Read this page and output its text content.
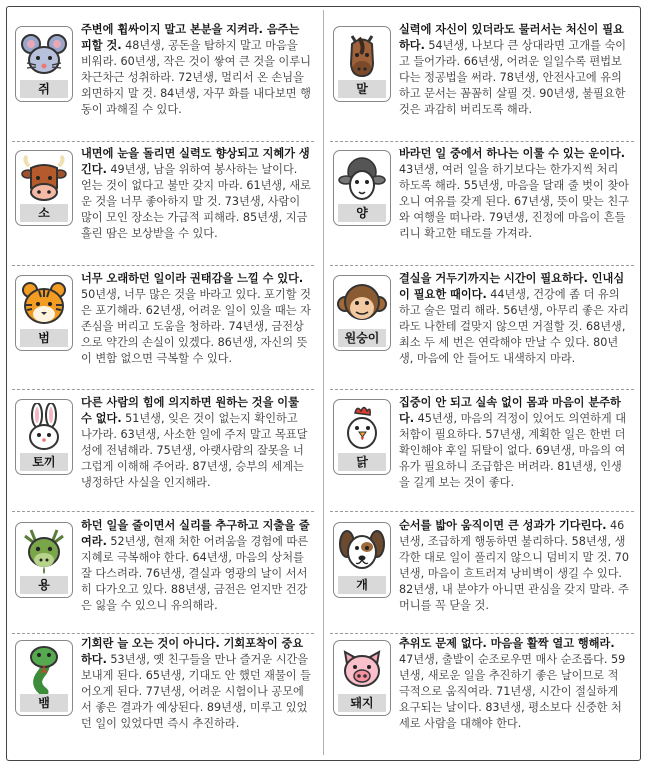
주변에 휩싸이지 말고 본분을 지켜라. 음주는 피할 것. 48년생, 공돈을 탐하지 말고 마음을 비워라. 60년생, 작은 것이 쌓여 큰 것을 이루니 차근차근 성취하라. 72년생, 멀리서 온 손님을 외면하지 말 것. 84년생, 자꾸 화를 내다보면 행동이 과해질 수 있다.
쥐
실력에 자신이 있더라도 물러서는 처신이 필요하다. 54년생, 나보다 큰 상대라면 고개를 숙이고 들어가라. 66년생, 어려운 일일수록 편법보다는 정공법을 써라. 78년생, 안전사고에 유의하고 문서는 꼼꼼히 살필 것. 90년생, 불필요한 것은 과감히 버리도록 해라.
말
내면에 눈을 돌리면 실력도 향상되고 지혜가 생긴다. 49년생, 남을 위하여 봉사하는 날이다. 얻는 것이 없다고 불만 갖지 마라. 61년생, 새로운 것을 너무 좋아하지 말 것. 73년생, 사람이 많이 모인 장소는 가급적 피해라. 85년생, 지금 흘린 땀은 보상받을 수 있다.
소
바라던 일 중에서 하나는 이룰 수 있는 운이다. 43년생, 여러 일을 하기보다는 한가지씩 처리하도록 해라. 55년생, 마음을 달래 줄 벗이 찾아오니 여유를 갖게 된다. 67년생, 뜻이 맞는 친구와 여행을 떠나라. 79년생, 진정에 마음이 흔들리니 확고한 태도를 가져라.
양
너무 오래하던 일이라 권태감을 느낄 수 있다. 50년생, 너무 많은 것을 바라고 있다. 포기할 것은 포기해라. 62년생, 어려운 일이 있을 때는 자존심을 버리고 도움을 청하라. 74년생, 금전상으로 약간의 손실이 있겠다. 86년생, 자신의 뜻이 변함 없으면 극복할 수 있다.
범
결실을 거두기까지는 시간이 필요하다. 인내심이 필요한 때이다. 44년생, 건강에 좀 더 유의하고 술은 멀리 해라. 56년생, 아무리 좋은 자리라도 나한테 걸맞지 않으면 거절할 것. 68년생, 최소 두 세 번은 연락해야 만날 수 있다. 80년생, 마음에 안 들어도 내색하지 마라.
원숭이
다른 사람의 힘에 의지하면 원하는 것을 이룰 수 없다. 51년생, 잊은 것이 없는지 확인하고 나가라. 63년생, 사소한 일에 주저 말고 목표달성에 전념해라. 75년생, 아랫사람의 잘못을 너그럽게 이해해 주어라. 87년생, 승부의 세계는 냉정하단 사실을 인지해라.
토끼
집중이 안 되고 실속 없이 몸과 마음이 분주하다. 45년생, 마음의 걱정이 있어도 의연하게 대처함이 필요하다. 57년생, 계획한 일은 한번 더 확인해야 후일 뒤탈이 없다. 69년생, 마음의 여유가 필요하니 조급함은 버려라. 81년생, 인생을 길게 보는 것이 좋다.
닭
하던 일을 줄이면서 실리를 추구하고 지출을 줄여라. 52년생, 현재 처한 어려움을 경험에 따른 지혜로 극복해야 한다. 64년생, 마음의 상처를 잘 다스려라. 76년생, 결실과 영광의 날이 서서히 다가오고 있다. 88년생, 금전은 얻지만 건강은 잃을 수 있으니 유의해라.
용
순서를 밟아 움직이면 큰 성과가 기다린다. 46년생, 조급하게 행동하면 불리하다. 58년생, 생각한 대로 일이 풀리지 않으니 덤비지 말 것. 70년생, 마음이 흐트러져 낭비벽이 생길 수 있다. 82년생, 내 분야가 아니면 관심을 갖지 말라. 주머니를 꼭 닫을 것.
개
기회란 늘 오는 것이 아니다. 기회포착이 중요하다. 53년생, 옛 친구들을 만나 즐거운 시간을 보내게 된다. 65년생, 기대도 안 했던 재물이 들어오게 된다. 77년생, 어려운 시험이나 공모에서 좋은 결과가 예상된다. 89년생, 미루고 있었던 일이 있었다면 즉시 추진하라.
뱀
추위도 문제 없다. 마음을 활짝 열고 행해라. 47년생, 출발이 순조로우면 매사 순조롭다. 59년생, 새로운 일을 추진하기 좋은 날이므로 적극적으로 움직여라. 71년생, 시간이 절실하게 요구되는 날이다. 83년생, 평소보다 신중한 처세로 사람을 대해야 한다.
돼지
